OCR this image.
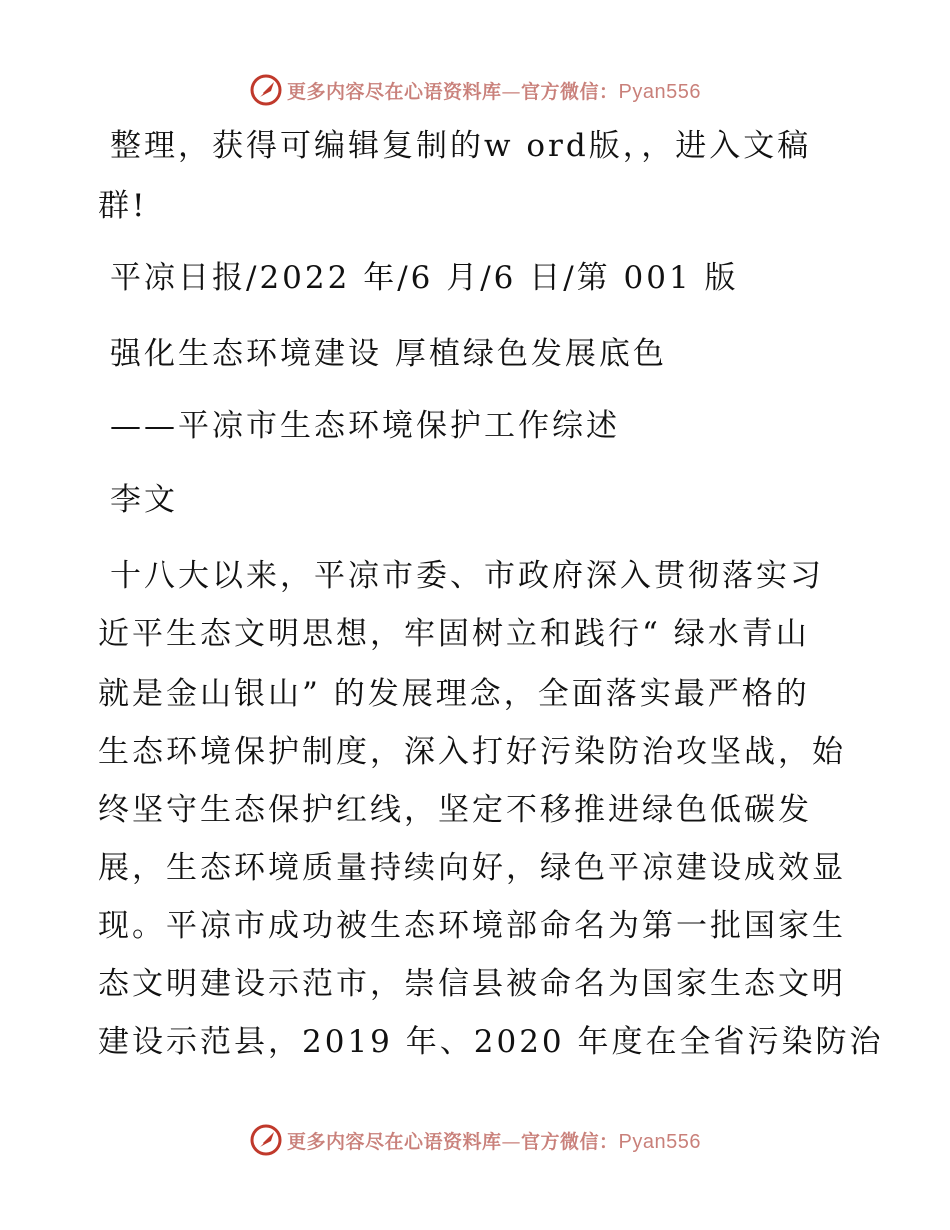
更多内容尽在心语资料库—官方微信：Pyan556
整理，获得可编辑复制的w ord版，，进入文稿
群!
平凉日报/2022 年/6 月/6 日/第 001 版
强化生态环境建设 厚植绿色发展底色
——平凉市生态环境保护工作综述
李文
十八大以来，平凉市委、市政府深入贯彻落实习
近平生态文明思想，牢固树立和践行“ 绿水青山
就是金山银山” 的发展理念，全面落实最严格的
生态环境保护制度，深入打好污染防治攻坚战，始
终坚守生态保护红线，坚定不移推进绿色低碳发
展，生态环境质量持续向好，绿色平凉建设成效显
现。平凉市成功被生态环境部命名为第一批国家生
态文明建设示范市，崇信县被命名为国家生态文明
建设示范县，2019 年、2020 年度在全省污染防治
更多内容尽在心语资料库—官方微信：Pyan556
